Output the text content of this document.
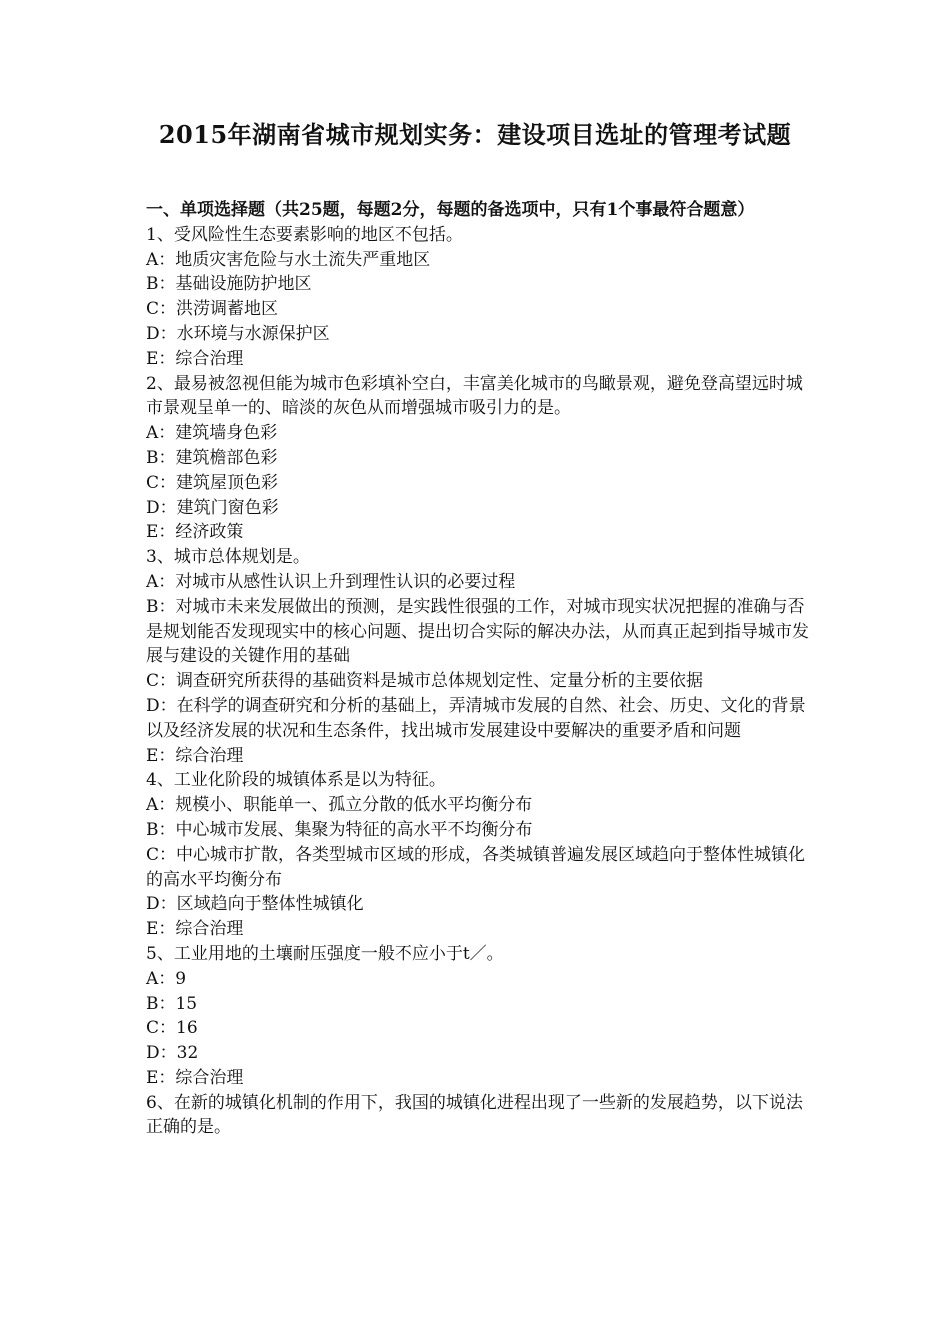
2015年湖南省城市规划实务：建设项目选址的管理考试题

一、单项选择题（共25题，每题2分，每题的备选项中，只有1个事最符合题意）

1、受风险性生态要素影响的地区不包括。

A：地质灾害危险与水土流失严重地区

B：基础设施防护地区

C：洪涝调蓄地区

D：水环境与水源保护区

E：综合治理

2、最易被忽视但能为城市色彩填补空白，丰富美化城市的鸟瞰景观，避免登高望远时城市景观呈单一的、暗淡的灰色从而增强城市吸引力的是。

A：建筑墙身色彩

B：建筑檐部色彩

C：建筑屋顶色彩

D：建筑门窗色彩

E：经济政策

3、城市总体规划是。

A：对城市从感性认识上升到理性认识的必要过程

B：对城市未来发展做出的预测，是实践性很强的工作，对城市现实状况把握的准确与否是规划能否发现现实中的核心问题、提出切合实际的解决办法，从而真正起到指导城市发展与建设的关键作用的基础

C：调查研究所获得的基础资料是城市总体规划定性、定量分析的主要依据

D：在科学的调查研究和分析的基础上，弄清城市发展的自然、社会、历史、文化的背景以及经济发展的状况和生态条件，找出城市发展建设中要解决的重要矛盾和问题

E：综合治理

4、工业化阶段的城镇体系是以为特征。

A：规模小、职能单一、孤立分散的低水平均衡分布

B：中心城市发展、集聚为特征的高水平不均衡分布

C：中心城市扩散，各类型城市区域的形成，各类城镇普遍发展区域趋向于整体性城镇化的高水平均衡分布

D：区域趋向于整体性城镇化

E：综合治理

5、工业用地的土壤耐压强度一般不应小于t／。

A：9

B：15

C：16

D：32

E：综合治理

6、在新的城镇化机制的作用下，我国的城镇化进程出现了一些新的发展趋势，以下说法正确的是。
